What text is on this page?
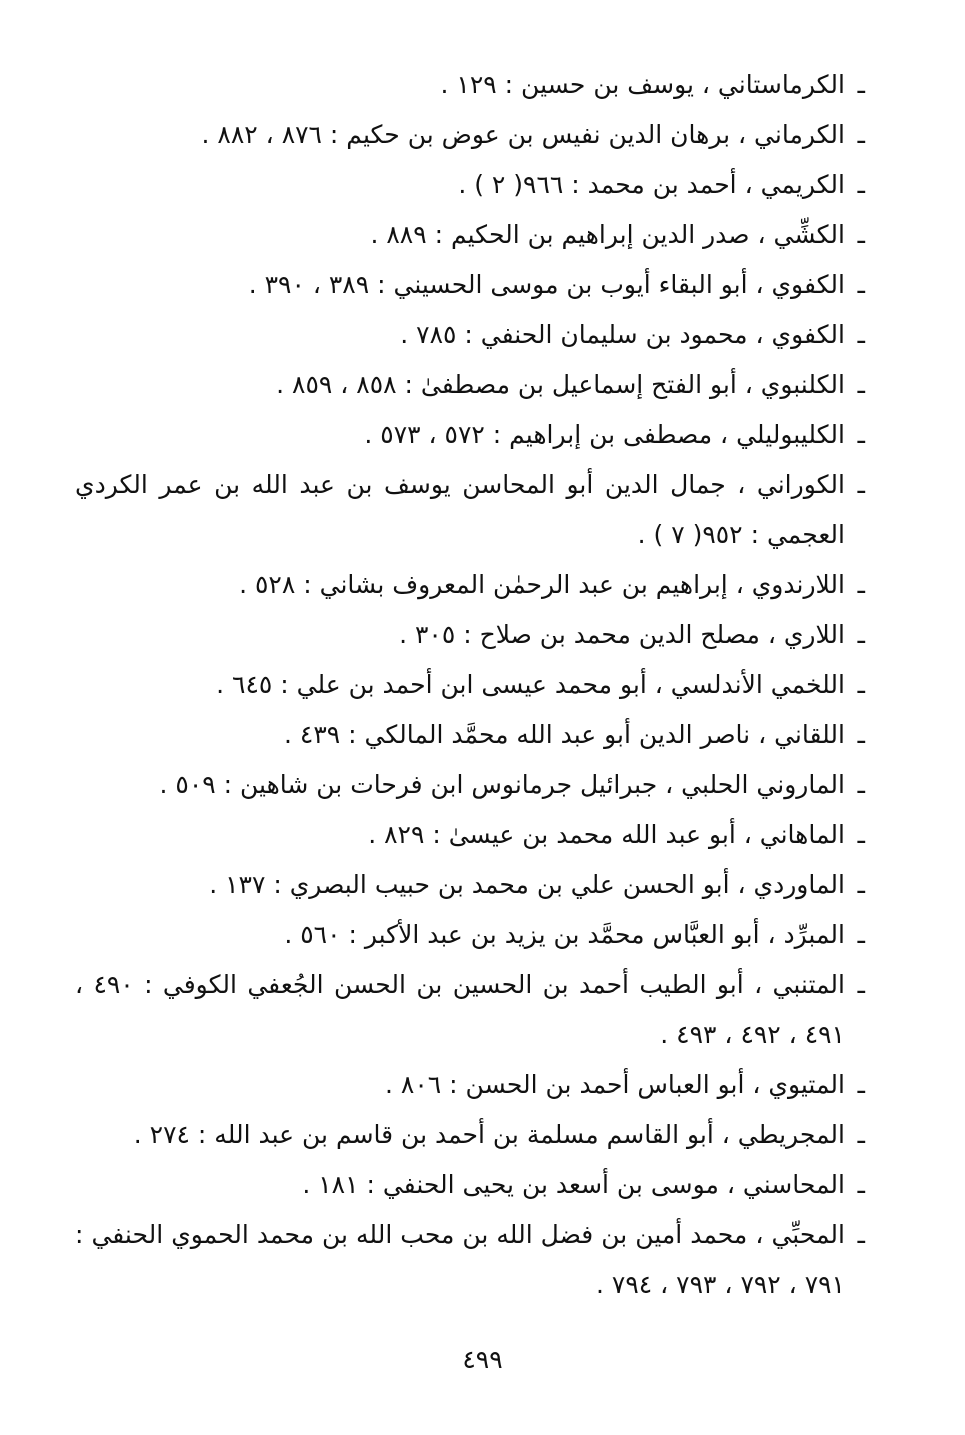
ـ
الكرماستاني ، يوسف بن حسين : ١٢٩ .
ـ
الكرماني ، برهان الدين نفيس بن عوض بن حكيم : ٨٧٦ ، ٨٨٢ .
ـ
الكريمي ، أحمد بن محمد : ٩٦٦( ٢ ) .
ـ
الكشِّي ، صدر الدين إبراهيم بن الحكيم : ٨٨٩ .
ـ
الكفوي ، أبو البقاء أيوب بن موسى الحسيني : ٣٨٩ ، ٣٩٠ .
ـ
الكفوي ، محمود بن سليمان الحنفي : ٧٨٥ .
ـ
الكلنبوي ، أبو الفتح إسماعيل بن مصطفىٰ : ٨٥٨ ، ٨٥٩ .
ـ
الكليبوليلي ، مصطفى بن إبراهيم : ٥٧٢ ، ٥٧٣ .
ـ
الكوراني ، جمال الدين أبو المحاسن يوسف بن عبد الله بن عمر الكردي العجمي : ٩٥٢( ٧ ) .
ـ
اللارندوي ، إبراهيم بن عبد الرحمٰن المعروف بشاني : ٥٢٨ .
ـ
اللاري ، مصلح الدين محمد بن صلاح : ٣٠٥ .
ـ
اللخمي الأندلسي ، أبو محمد عيسى ابن أحمد بن علي : ٦٤٥ .
ـ
اللقاني ، ناصر الدين أبو عبد الله محمَّد المالكي : ٤٣٩ .
ـ
الماروني الحلبي ، جبرائيل جرمانوس ابن فرحات بن شاهين : ٥٠٩ .
ـ
الماهاني ، أبو عبد الله محمد بن عيسىٰ : ٨٢٩ .
ـ
الماوردي ، أبو الحسن علي بن محمد بن حبيب البصري : ١٣٧ .
ـ
المبرِّد ، أبو العبَّاس محمَّد بن يزيد بن عبد الأكبر : ٥٦٠ .
ـ
المتنبي ، أبو الطيب أحمد بن الحسين بن الحسن الجُعفي الكوفي : ٤٩٠ ، ٤٩١ ، ٤٩٢ ، ٤٩٣ .
ـ
المتيوي ، أبو العباس أحمد بن الحسن : ٨٠٦ .
ـ
المجريطي ، أبو القاسم مسلمة بن أحمد بن قاسم بن عبد الله : ٢٧٤ .
ـ
المحاسني ، موسى بن أسعد بن يحيى الحنفي : ١٨١ .
ـ
المحبِّي ، محمد أمين بن فضل الله بن محب الله بن محمد الحموي الحنفي : ٧٩١ ، ٧٩٢ ، ٧٩٣ ، ٧٩٤ .
٤٩٩
